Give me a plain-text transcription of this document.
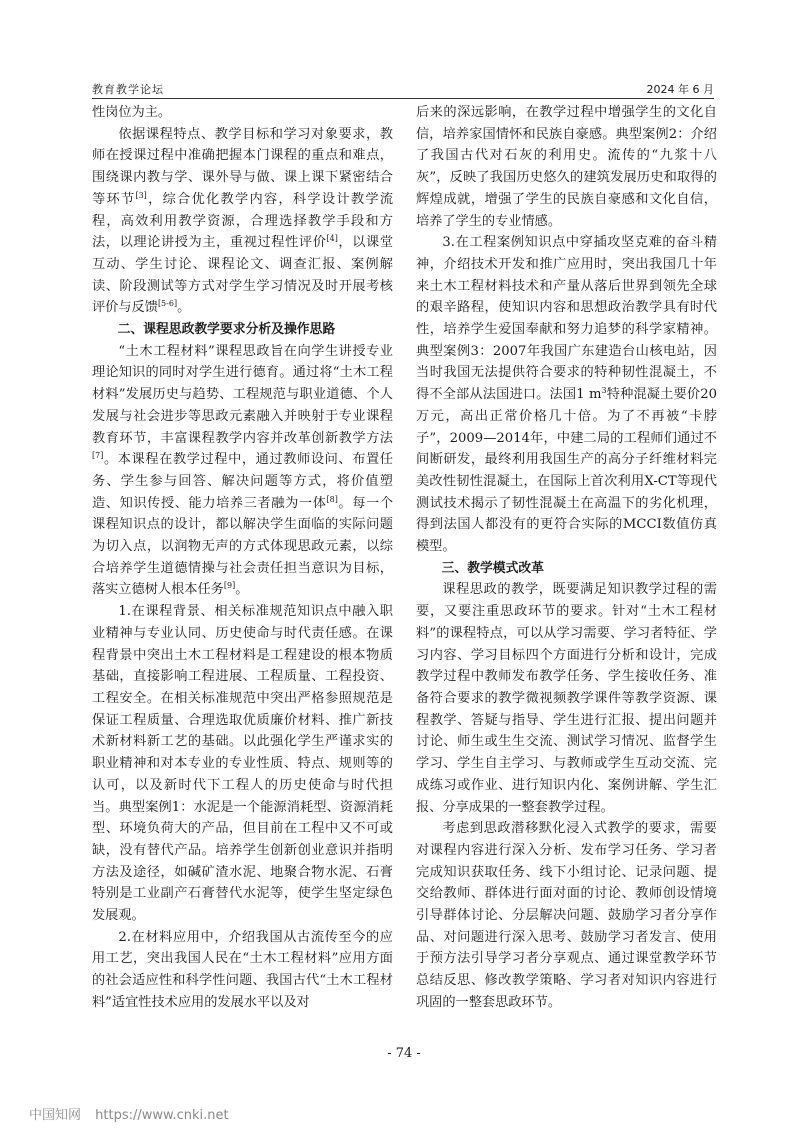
教育教学论坛	2024 年 6 月

性岗位为主。

依据课程特点、教学目标和学习对象要求，教师在授课过程中准确把握本门课程的重点和难点，围绕课内教与学、课外导与做、课上课下紧密结合等环节[3]，综合优化教学内容，科学设计教学流程，高效利用教学资源，合理选择教学手段和方法，以理论讲授为主，重视过程性评价[4]，以课堂互动、学生讨论、课程论文、调查汇报、案例解读、阶段测试等方式对学生学习情况及时开展考核评价与反馈[5-6]。

二、课程思政教学要求分析及操作思路

“土木工程材料”课程思政旨在向学生讲授专业理论知识的同时对学生进行德育。通过将“土木工程材料”发展历史与趋势、工程规范与职业道德、个人发展与社会进步等思政元素融入并映射于专业课程教育环节，丰富课程教学内容并改革创新教学方法[7]。本课程在教学过程中，通过教师设问、布置任务、学生参与回答、解决问题等方式，将价值塑造、知识传授、能力培养三者融为一体[8]。每一个课程知识点的设计，都以解决学生面临的实际问题为切入点，以润物无声的方式体现思政元素，以综合培养学生道德情操与社会责任担当意识为目标，落实立德树人根本任务[9]。

1.在课程背景、相关标准规范知识点中融入职业精神与专业认同、历史使命与时代责任感。在课程背景中突出土木工程材料是工程建设的根本物质基础，直接影响工程进展、工程质量、工程投资、工程安全。在相关标准规范中突出严格参照规范是保证工程质量、合理选取优质廉价材料、推广新技术新材料新工艺的基础。以此强化学生严谨求实的职业精神和对本专业的专业性质、特点、规则等的认可，以及新时代下工程人的历史使命与时代担当。典型案例1：水泥是一个能源消耗型、资源消耗型、环境负荷大的产品，但目前在工程中又不可或缺，没有替代产品。培养学生创新创业意识并指明方法及途径，如碱矿渣水泥、地聚合物水泥、石膏特别是工业副产石膏替代水泥等，使学生坚定绿色发展观。

2.在材料应用中，介绍我国从古流传至今的应用工艺，突出我国人民在“土木工程材料”应用方面的社会适应性和科学性问题、我国古代“土木工程材料”适宜性技术应用的发展水平以及对

后来的深远影响，在教学过程中增强学生的文化自信，培养家国情怀和民族自豪感。典型案例2：介绍了我国古代对石灰的利用史。流传的“九浆十八灰”，反映了我国历史悠久的建筑发展历史和取得的辉煌成就，增强了学生的民族自豪感和文化自信，培养了学生的专业情感。

3.在工程案例知识点中穿插攻坚克难的奋斗精神，介绍技术开发和推广应用时，突出我国几十年来土木工程材料技术和产量从落后世界到领先全球的艰辛路程，使知识内容和思想政治教学具有时代性，培养学生爱国奉献和努力追梦的科学家精神。典型案例3：2007年我国广东建造台山核电站，因当时我国无法提供符合要求的特种韧性混凝土，不得不全部从法国进口。法国1 $m^3$特种混凝土要价20万元，高出正常价格几十倍。为了不再被“卡脖子”，2009—2014年，中建二局的工程师们通过不间断研发，最终利用我国生产的高分子纤维材料完美改性韧性混凝土，在国际上首次利用X-CT等现代测试技术揭示了韧性混凝土在高温下的劣化机理，得到法国人都没有的更符合实际的MCCI数值仿真模型。

三、教学模式改革

课程思政的教学，既要满足知识教学过程的需要，又要注重思政环节的要求。针对“土木工程材料”的课程特点，可以从学习需要、学习者特征、学习内容、学习目标四个方面进行分析和设计，完成教学过程中教师发布教学任务、学生接收任务、准备符合要求的教学微视频教学课件等教学资源、课程教学、答疑与指导、学生进行汇报、提出问题并讨论、师生或生生交流、测试学习情况、监督学生学习、学生自主学习、与教师或学生互动交流、完成练习或作业、进行知识内化、案例讲解、学生汇报、分享成果的一整套教学过程。

考虑到思政潜移默化浸入式教学的要求，需要对课程内容进行深入分析、发布学习任务、学习者完成知识获取任务、线下小组讨论、记录问题、提交给教师、群体进行面对面的讨论、教师创设情境引导群体讨论、分层解决问题、鼓励学习者分享作品、对问题进行深入思考、鼓励学习者发言、使用于预方法引导学习者分享观点、通过课堂教学环节总结反思、修改教学策略、学习者对知识内容进行巩固的一整套思政环节。

- 74 -
中国知网 https://www.cnki.net
